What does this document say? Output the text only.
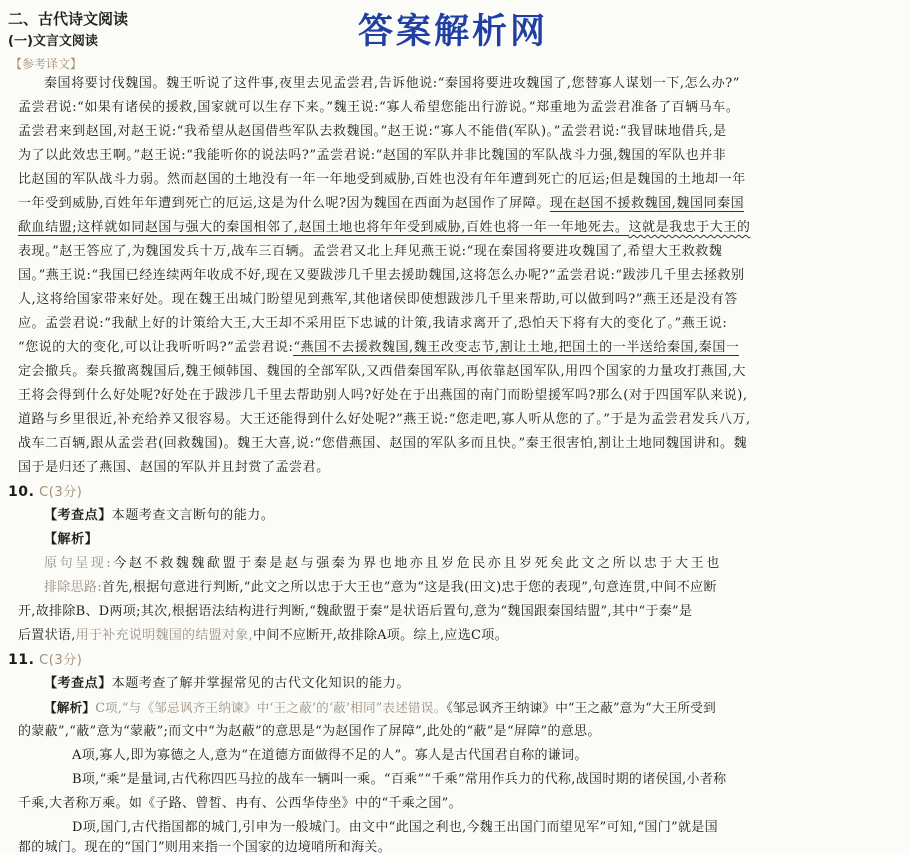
二、古代诗文阅读
(一)文言文阅读	答案解析网
【参考译文】
秦国将要讨伐魏国。魏王听说了这件事,夜里去见孟尝君,告诉他说:“秦国将要进攻魏国了,您替寡人谋划一下,怎么办?”
孟尝君说:“如果有诸侯的援救,国家就可以生存下来。”魏王说:“寡人希望您能出行游说。”郑重地为孟尝君准备了百辆马车。
孟尝君来到赵国,对赵王说:“我希望从赵国借些军队去救魏国。”赵王说:“寡人不能借(军队)。”孟尝君说:“我冒昧地借兵,是
为了以此效忠王啊。”赵王说:“我能听你的说法吗?”孟尝君说:“赵国的军队并非比魏国的军队战斗力强,魏国的军队也并非
比赵国的军队战斗力弱。然而赵国的土地没有一年一年地受到威胁,百姓也没有年年遭到死亡的厄运;但是魏国的土地却一年
一年受到威胁,百姓年年遭到死亡的厄运,这是为什么呢?因为魏国在西面为赵国作了屏障。现在赵国不援救魏国,魏国同秦国
歃血结盟;这样就如同赵国与强大的秦国相邻了,赵国土地也将年年受到威胁,百姓也将一年一年地死去。这就是我忠于大王的
表现。”赵王答应了,为魏国发兵十万,战车三百辆。孟尝君又北上拜见燕王说:“现在秦国将要进攻魏国了,希望大王救救魏
国。”燕王说:“我国已经连续两年收成不好,现在又要跋涉几千里去援助魏国,这将怎么办呢?”孟尝君说:“跋涉几千里去拯救别
人,这将给国家带来好处。现在魏王出城门盼望见到燕军,其他诸侯即使想跋涉几千里来帮助,可以做到吗?”燕王还是没有答
应。孟尝君说:“我献上好的计策给大王,大王却不采用臣下忠诚的计策,我请求离开了,恐怕天下将有大的变化了。”燕王说:
“您说的大的变化,可以让我听听吗?”孟尝君说:“燕国不去援救魏国,魏王改变志节,割让土地,把国土的一半送给秦国,秦国一
定会撤兵。秦兵撤离魏国后,魏王倾韩国、魏国的全部军队,又西借秦国军队,再依靠赵国军队,用四个国家的力量攻打燕国,大
王将会得到什么好处呢?好处在于跋涉几千里去帮助别人吗?好处在于出燕国的南门而盼望援军吗?那么(对于四国军队来说),
道路与乡里很近,补充给养又很容易。大王还能得到什么好处呢?”燕王说:“您走吧,寡人听从您的了。”于是为孟尝君发兵八万,
战车二百辆,跟从孟尝君(回救魏国)。魏王大喜,说:“您借燕国、赵国的军队多而且快。”秦王很害怕,割让土地同魏国讲和。魏
国于是归还了燕国、赵国的军队并且封赏了孟尝君。
10. C(3分)
【考查点】本题考查文言断句的能力。
【解析】
原句呈现:今赵不救魏魏歃盟于秦是赵与强秦为界也地亦且岁危民亦且岁死矣此文之所以忠于大王也
排除思路:首先,根据句意进行判断,“此文之所以忠于大王也”意为“这是我(田文)忠于您的表现”,句意连贯,中间不应断
开,故排除B、D两项;其次,根据语法结构进行判断,“魏歃盟于秦”是状语后置句,意为“魏国跟秦国结盟”,其中“于秦”是
后置状语,用于补充说明魏国的结盟对象,中间不应断开,故排除A项。综上,应选C项。
11. C(3分)
【考查点】本题考查了解并掌握常见的古代文化知识的能力。
【解析】C项,“与《邹忌讽齐王纳谏》中‘王之蔽’的‘蔽’相同”表述错误。《邹忌讽齐王纳谏》中“王之蔽”意为“大王所受到
的蒙蔽”,“蔽”意为“蒙蔽”;而文中“为赵蔽”的意思是“为赵国作了屏障”,此处的“蔽”是“屏障”的意思。
A项,寡人,即为寡德之人,意为“在道德方面做得不足的人”。寡人是古代国君自称的谦词。
B项,“乘”是量词,古代称四匹马拉的战车一辆叫一乘。“百乘”“千乘”常用作兵力的代称,战国时期的诸侯国,小者称
千乘,大者称万乘。如《子路、曾皙、冉有、公西华侍坐》中的“千乘之国”。
D项,国门,古代指国都的城门,引申为一般城门。由文中“此国之利也,今魏王出国门而望见军”可知,“国门”就是国
都的城门。现在的“国门”则用来指一个国家的边境哨所和海关。
